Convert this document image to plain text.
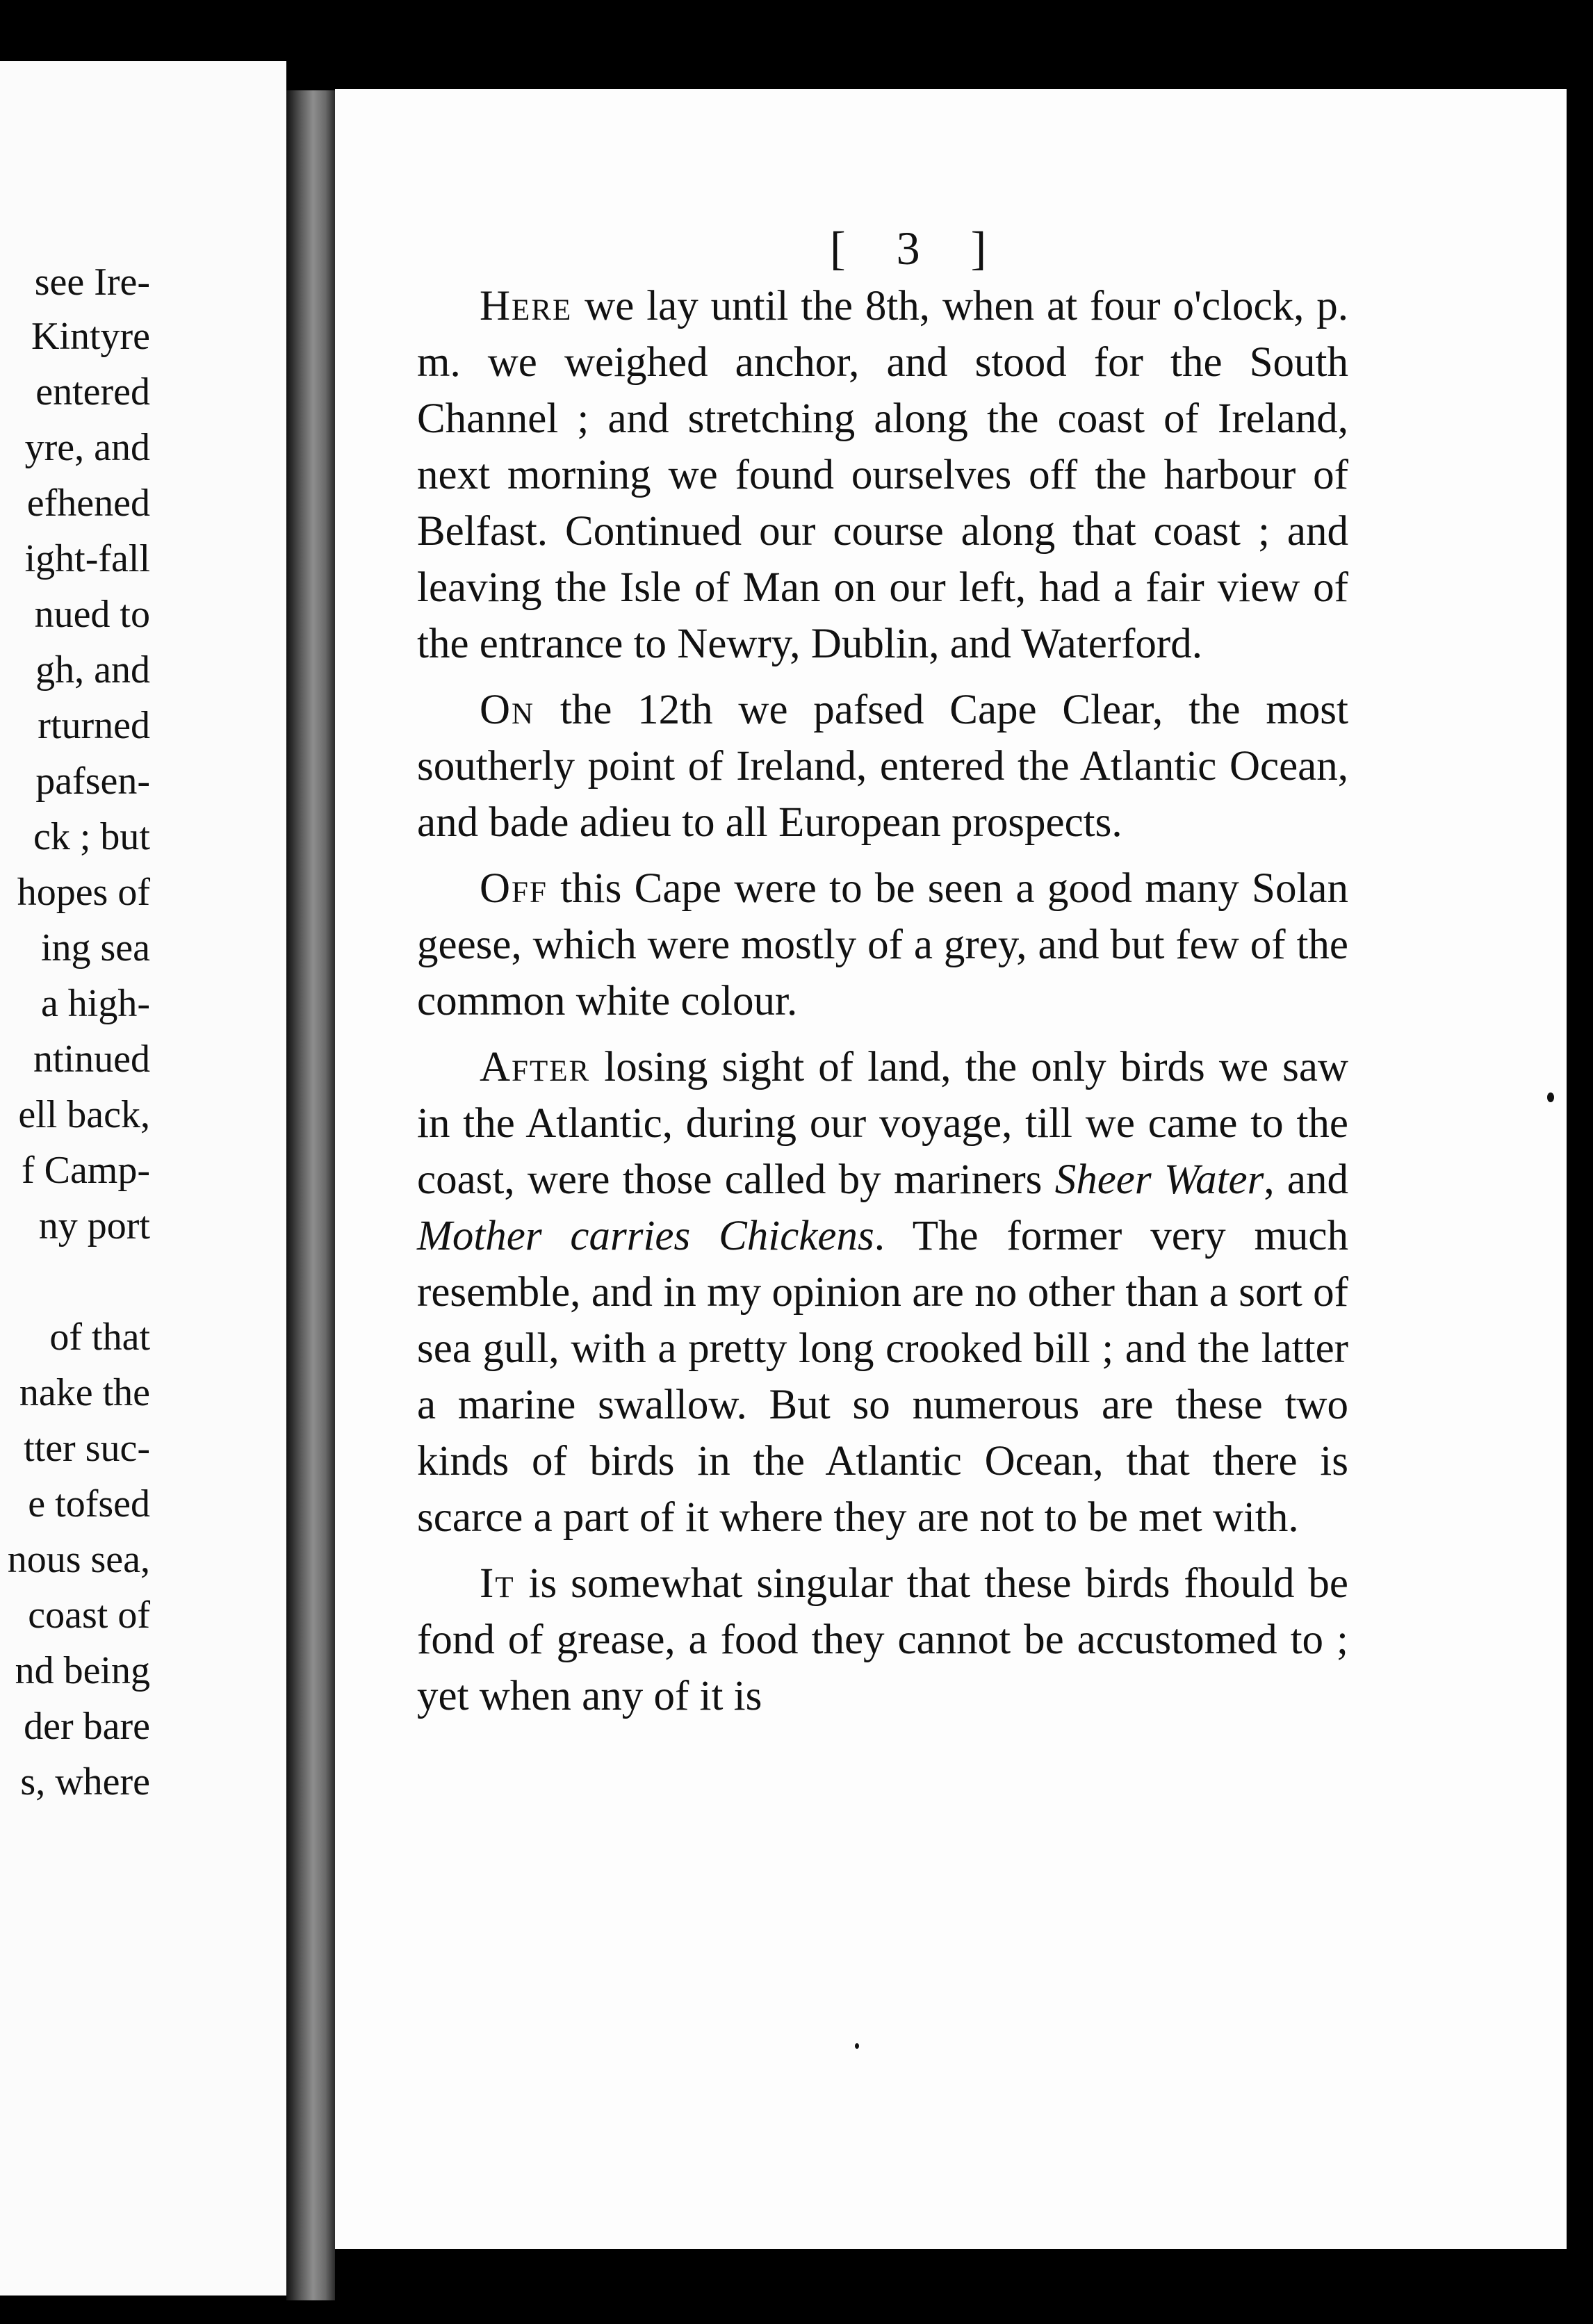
see Ire-
Kintyre
entered
yre, and
efhened
ight-fall
nued to
gh, and
rturned
pafsen-
ck ; but
hopes of
ing sea
a high-
ntinued
ell back,
f Camp-
ny port
of that
nake the
tter suc-
e tofsed
nous sea,
coast of
nd being
der bare
s, where
[ 3 ]

Here we lay until the 8th, when at four o'clock, p. m. we weighed anchor, and stood for the South Channel ; and stretching along the coast of Ireland, next morning we found ourselves off the harbour of Belfast. Continued our course along that coast ; and leaving the Isle of Man on our left, had a fair view of the entrance to Newry, Dublin, and Waterford.

On the 12th we pafsed Cape Clear, the most southerly point of Ireland, entered the Atlantic Ocean, and bade adieu to all European prospects.

Off this Cape were to be seen a good many Solan geese, which were mostly of a grey, and but few of the common white colour.

After losing sight of land, the only birds we saw in the Atlantic, during our voyage, till we came to the coast, were those called by mariners Sheer Water, and Mother carries Chickens. The former very much resemble, and in my opinion are no other than a sort of sea gull, with a pretty long crooked bill ; and the latter a marine swallow. But so numerous are these two kinds of birds in the Atlantic Ocean, that there is scarce a part of it where they are not to be met with.

It is somewhat singular that these birds fhould be fond of grease, a food they cannot be accustomed to ; yet when any of it is
